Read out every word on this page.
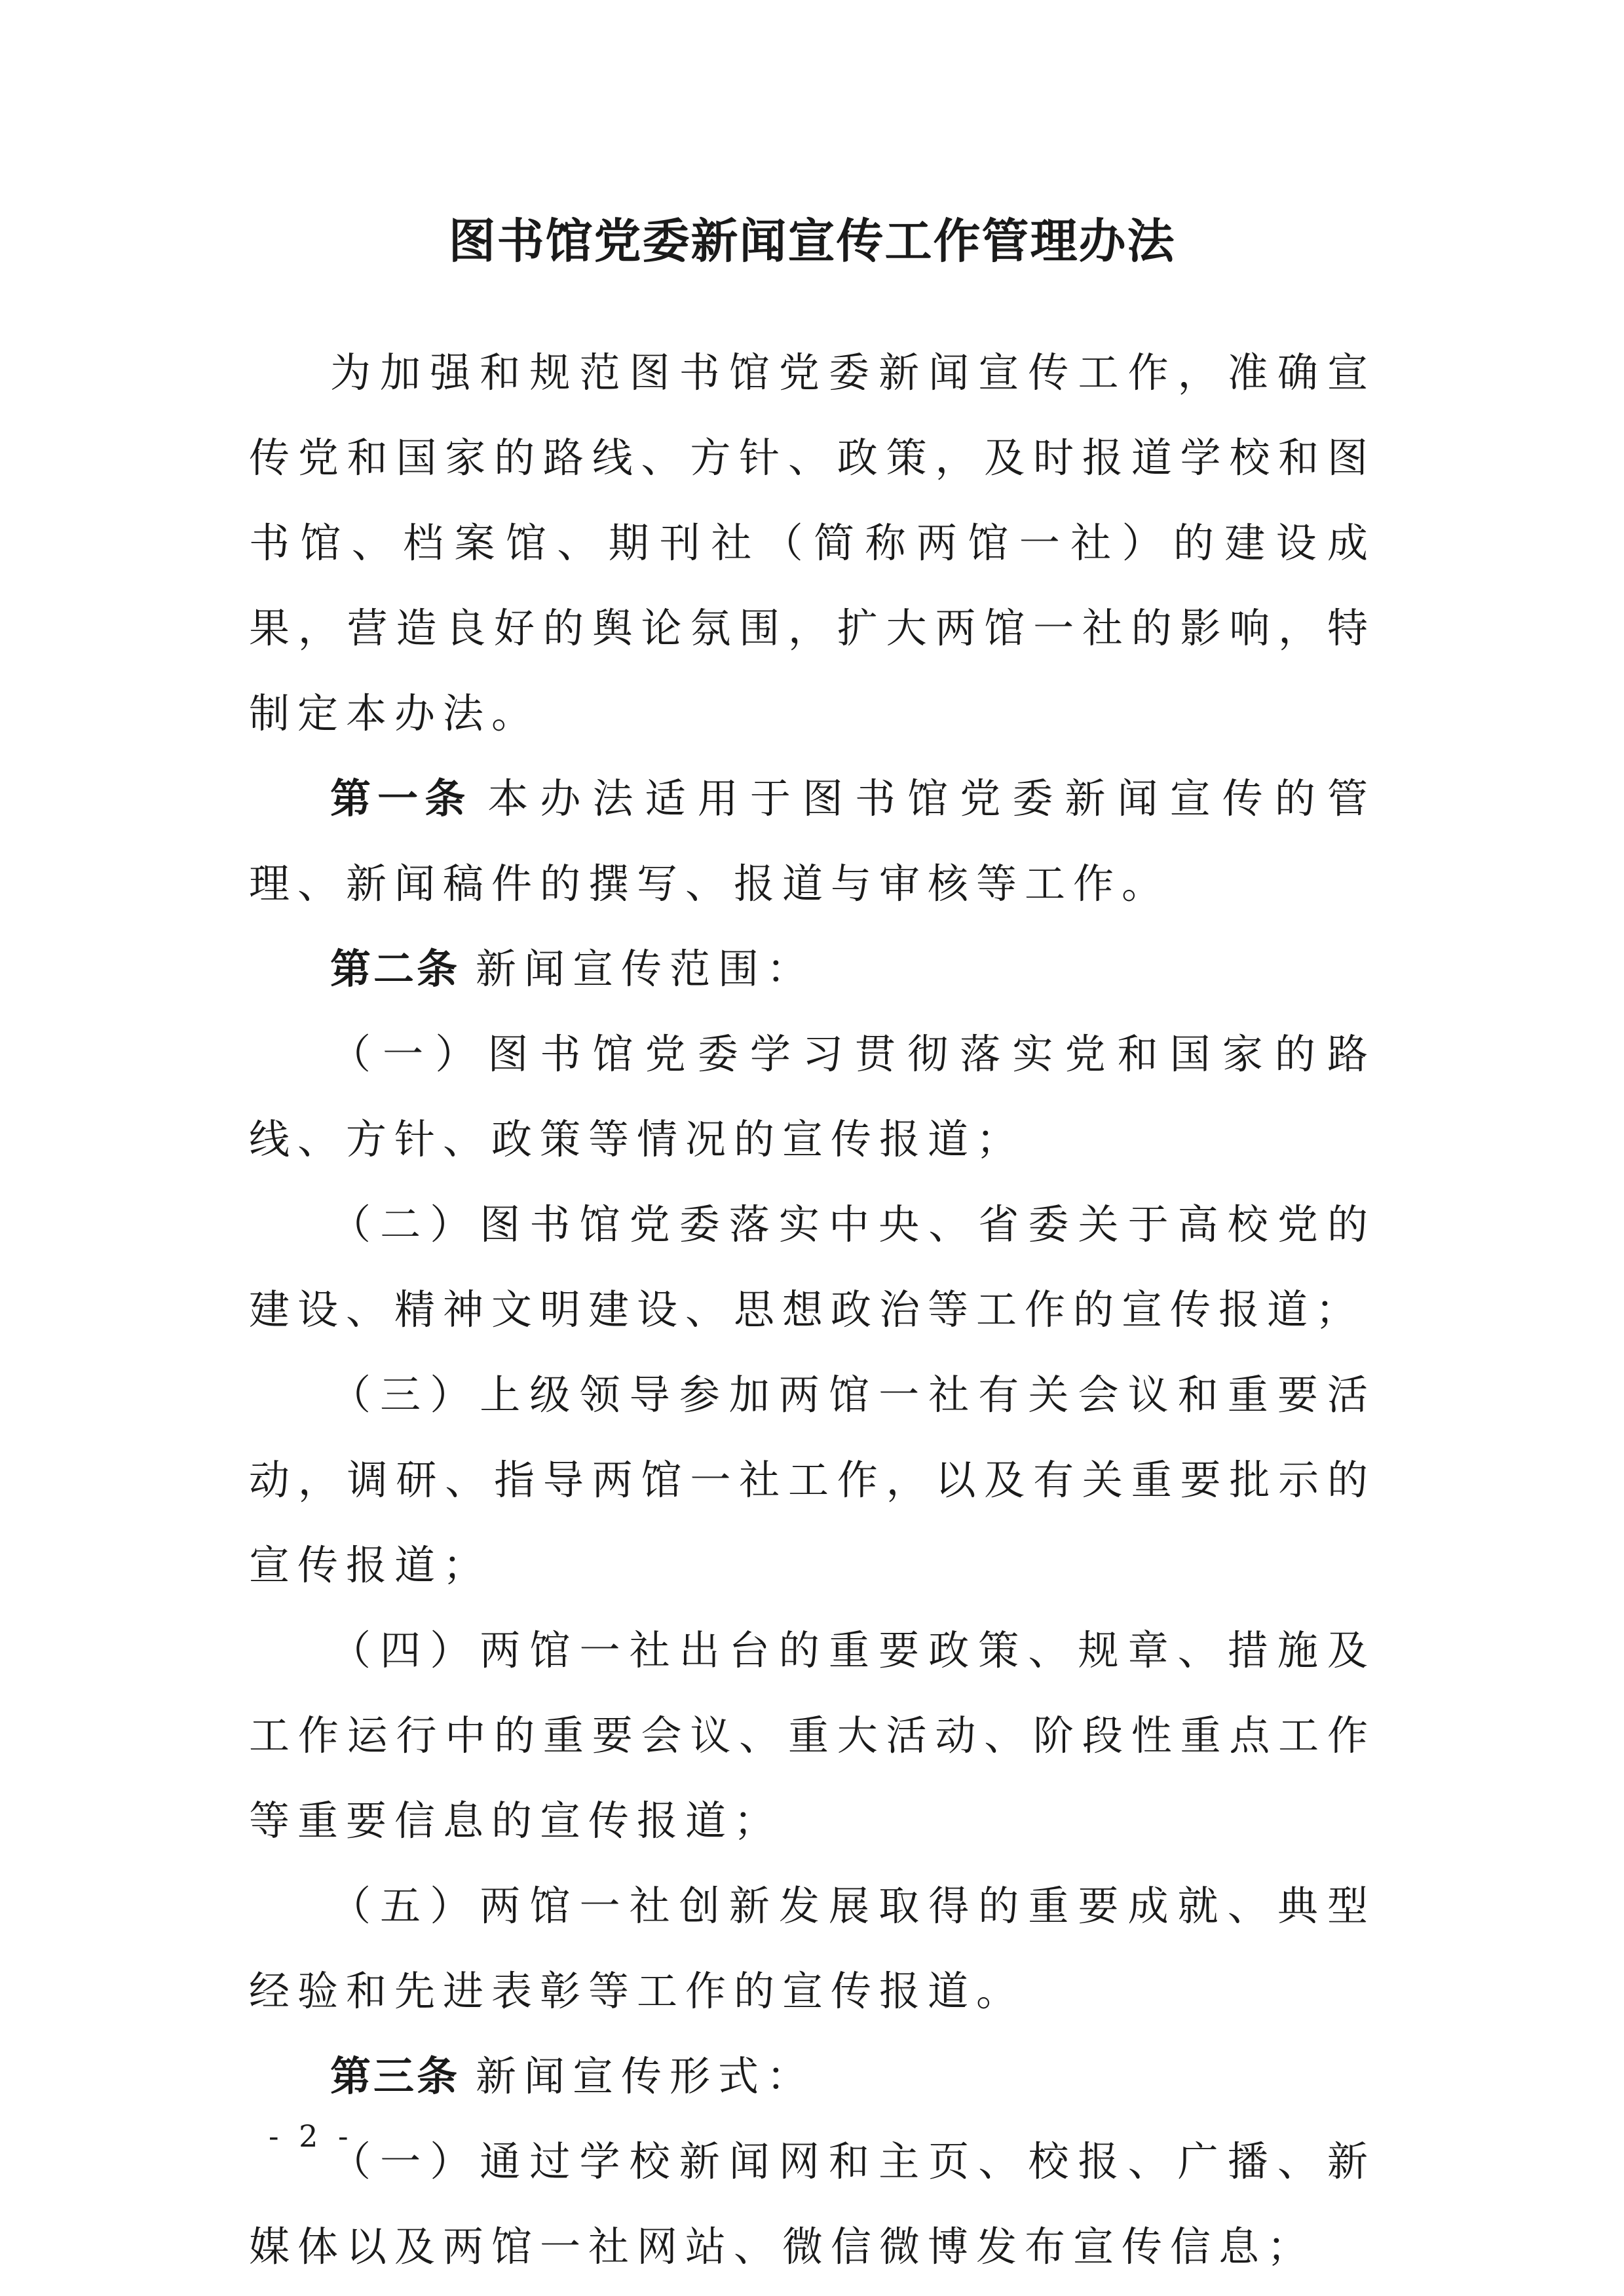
图书馆党委新闻宣传工作管理办法

为加强和规范图书馆党委新闻宣传工作，准确宣传党和国家的路线、方针、政策，及时报道学校和图书馆、档案馆、期刊社（简称两馆一社）的建设成果，营造良好的舆论氛围，扩大两馆一社的影响，特制定本办法。

第一条 本办法适用于图书馆党委新闻宣传的管理、新闻稿件的撰写、报道与审核等工作。

第二条 新闻宣传范围：

（一）图书馆党委学习贯彻落实党和国家的路线、方针、政策等情况的宣传报道；

（二）图书馆党委落实中央、省委关于高校党的建设、精神文明建设、思想政治等工作的宣传报道；

（三）上级领导参加两馆一社有关会议和重要活动，调研、指导两馆一社工作，以及有关重要批示的宣传报道；

（四）两馆一社出台的重要政策、规章、措施及工作运行中的重要会议、重大活动、阶段性重点工作等重要信息的宣传报道；

（五）两馆一社创新发展取得的重要成就、典型经验和先进表彰等工作的宣传报道。

第三条 新闻宣传形式：

（一）通过学校新闻网和主页、校报、广播、新媒体以及两馆一社网站、微信微博发布宣传信息；

- 2 -
